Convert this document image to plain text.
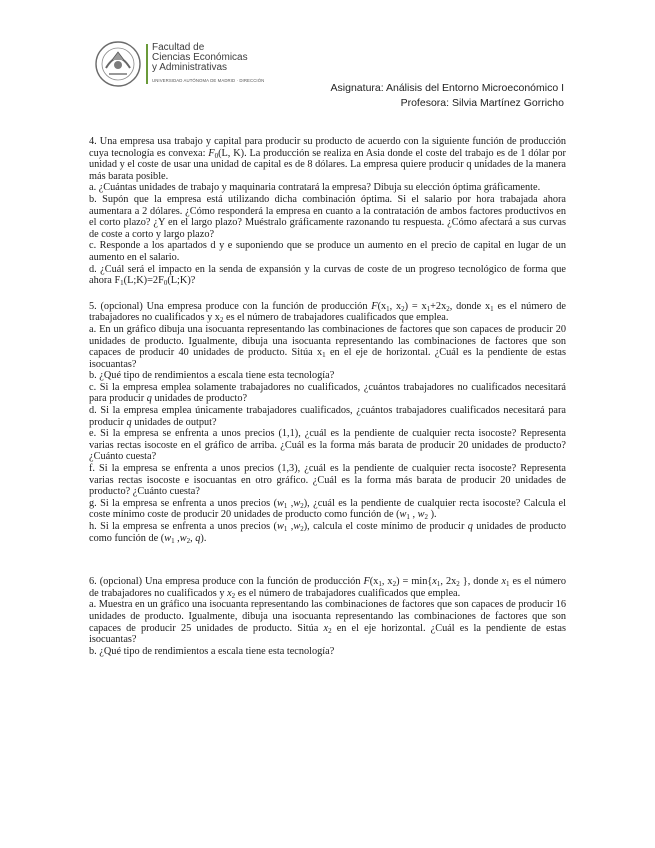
Facultad de
Ciencias Económicas
y Administrativas
UNIVERSIDAD AUTÓNOMA DE MADRID · DIRECCIÓN
Asignatura: Análisis del Entorno Microeconómico I
Profesora: Silvia Martínez Gorricho

4. Una empresa usa trabajo y capital para producir su producto de acuerdo con la siguiente función de producción cuya tecnología es convexa: $F_0(L$, K). La producción se realiza en Asia donde el coste del trabajo es de 1 dólar por unidad y el coste de usar una unidad de capital es de 8 dólares. La empresa quiere producir q unidades de la manera más barata posible.

a. ¿Cuántas unidades de trabajo y maquinaria contratará la empresa? Dibuja su elección óptima gráficamente.

b. Supón que la empresa está utilizando dicha combinación óptima. Si el salario por hora trabajada ahora aumentara a 2 dólares. ¿Cómo responderá la empresa en cuanto a la contratación de ambos factores productivos en el corto plazo? ¿Y en el largo plazo? Muéstralo gráficamente razonando tu respuesta. ¿Cómo afectará a sus curvas de coste a corto y largo plazo?

c. Responde a los apartados d y e suponiendo que se produce un aumento en el precio de capital en lugar de un aumento en el salario.

d. ¿Cuál será el impacto en la senda de expansión y la curvas de coste de un progreso tecnológico de forma que ahora $F_1(L;K)=2F_0(L;K)$?

5. (opcional) Una empresa produce con la función de producción $F(x_1$, $x_2) = x_1+2x_2$, donde $x_1$ es el número de trabajadores no cualificados y $x_2$ es el número de trabajadores cualificados que emplea.

a. En un gráfico dibuja una isocuanta representando las combinaciones de factores que son capaces de producir 20 unidades de producto. Igualmente, dibuja una isocuanta representando las combinaciones de factores que son capaces de producir 40 unidades de producto. Sitúa $x_1$ en el eje de horizontal. ¿Cuál es la pendiente de estas isocuantas?

b. ¿Qué tipo de rendimientos a escala tiene esta tecnología?

c. Si la empresa emplea solamente trabajadores no cualificados, ¿cuántos trabajadores no cualificados necesitará para producir q unidades de producto?

d. Si la empresa emplea únicamente trabajadores cualificados, ¿cuántos trabajadores cualificados necesitará para producir q unidades de output?

e. Si la empresa se enfrenta a unos precios (1,1), ¿cuál es la pendiente de cualquier recta isocoste? Representa varias rectas isocoste en el gráfico de arriba. ¿Cuál es la forma más barata de producir 20 unidades de producto? ¿Cuánto cuesta?

f. Si la empresa se enfrenta a unos precios (1,3), ¿cuál es la pendiente de cualquier recta isocoste? Representa varias rectas isocoste e isocuantas en otro gráfico. ¿Cuál es la forma más barata de producir 20 unidades de producto? ¿Cuánto cuesta?

g. Si la empresa se enfrenta a unos precios ($w_1$ $,w_2$), ¿cuál es la pendiente de cualquier recta isocoste? Calcula el coste mínimo coste de producir 20 unidades de producto como función de ($w_1$ , $w_2$ ).

h. Si la empresa se enfrenta a unos precios ($w_1$ $,w_2$), calcula el coste mínimo de producir q unidades de producto como función de ($w_1$ $,w_2$, q).

6. (opcional) Una empresa produce con la función de producción $F(x_1$, $x_2) = \min\{x_1$, $2x_2$ }, donde $x_1$ es el número de trabajadores no cualificados y $x_2$ es el número de trabajadores cualificados que emplea.

a. Muestra en un gráfico una isocuanta representando las combinaciones de factores que son capaces de producir 16 unidades de producto. Igualmente, dibuja una isocuanta representando las combinaciones de factores que son capaces de producir 25 unidades de producto. Sitúa $x_2$ en el eje horizontal. ¿Cuál es la pendiente de estas isocuantas?

b. ¿Qué tipo de rendimientos a escala tiene esta tecnología?
